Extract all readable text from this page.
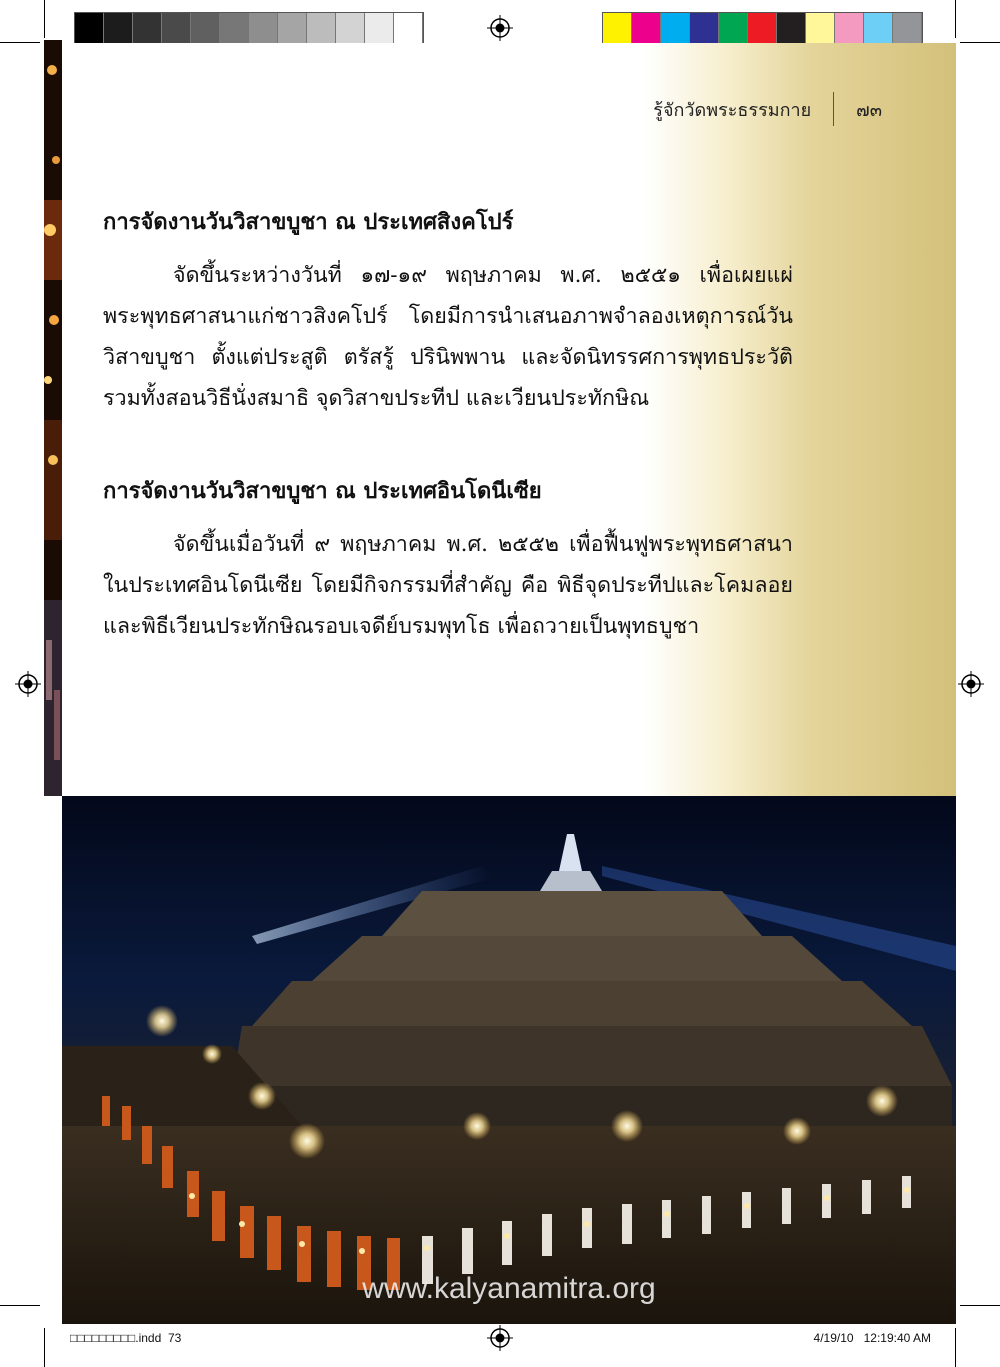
รู้จักวัดพระธรรมกาย	๗๓
การจัดงานวันวิสาขบูชา ณ ประเทศสิงคโปร์
จัดขึ้นระหว่างวันที่ ๑๗-๑๙ พฤษภาคม พ.ศ. ๒๕๕๑ เพื่อเผยแผ่พระพุทธศาสนาแก่ชาวสิงคโปร์ โดยมีการนำเสนอภาพจำลองเหตุการณ์วันวิสาขบูชา ตั้งแต่ประสูติ ตรัสรู้ ปรินิพพาน และจัดนิทรรศการพุทธประวัติ รวมทั้งสอนวิธีนั่งสมาธิ จุดวิสาขประทีป และเวียนประทักษิณ
การจัดงานวันวิสาขบูชา ณ ประเทศอินโดนีเซีย
จัดขึ้นเมื่อวันที่ ๙ พฤษภาคม พ.ศ. ๒๕๕๒ เพื่อฟื้นฟูพระพุทธศาสนาในประเทศอินโดนีเซีย โดยมีกิจกรรมที่สำคัญ คือ พิธีจุดประทีปและโคมลอย และพิธีเวียนประทักษิณรอบเจดีย์บรมพุทโธ เพื่อถวายเป็นพุทธบูชา
www.kalyanamitra.org
□□□□□□□□□.indd 73	4/19/10 12:19:40 AM
